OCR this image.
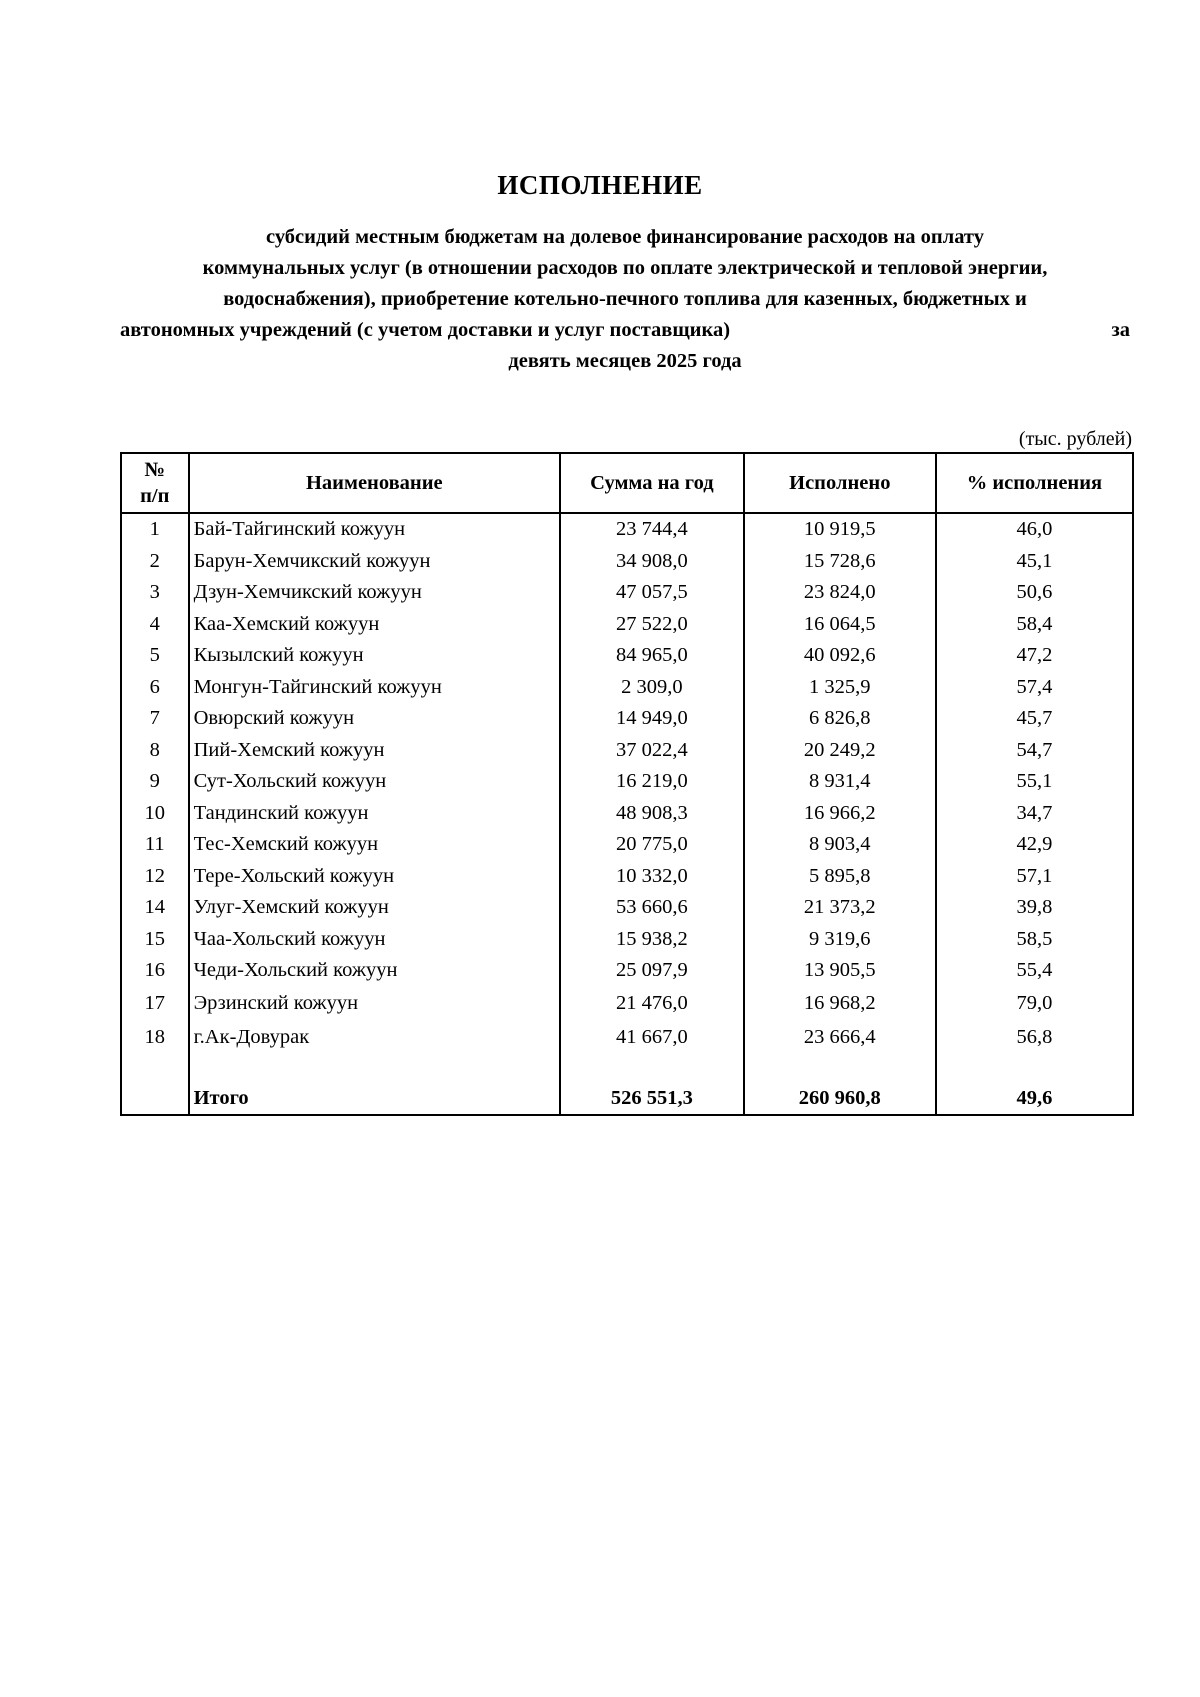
ИСПОЛНЕНИЕ
субсидий местным бюджетам на долевое финансирование расходов на оплату
коммунальных услуг (в отношении расходов по оплате электрической и тепловой энергии,
водоснабжения), приобретение котельно-печного топлива для казенных, бюджетных и
автономных учреждений (с учетом доставки и услуг поставщика)	за
девять месяцев 2025 года
(тыс. рублей)
№
п/п	Наименование	Сумма на год	Исполнено	% исполнения
1	Бай-Тайгинский кожуун	23 744,4	10 919,5	46,0
2	Барун-Хемчикский кожуун	34 908,0	15 728,6	45,1
3	Дзун-Хемчикский кожуун	47 057,5	23 824,0	50,6
4	Каа-Хемский кожуун	27 522,0	16 064,5	58,4
5	Кызылский кожуун	84 965,0	40 092,6	47,2
6	Монгун-Тайгинский кожуун	2 309,0	1 325,9	57,4
7	Овюрский кожуун	14 949,0	6 826,8	45,7
8	Пий-Хемский кожуун	37 022,4	20 249,2	54,7
9	Сут-Хольский кожуун	16 219,0	8 931,4	55,1
10	Тандинский кожуун	48 908,3	16 966,2	34,7
11	Тес-Хемский кожуун	20 775,0	8 903,4	42,9
12	Тере-Хольский кожуун	10 332,0	5 895,8	57,1
14	Улуг-Хемский кожуун	53 660,6	21 373,2	39,8
15	Чаа-Хольский кожуун	15 938,2	9 319,6	58,5
16	Чеди-Хольский кожуун	25 097,9	13 905,5	55,4
17	Эрзинский кожуун	21 476,0	16 968,2	79,0
18	г.Ак-Довурак	41 667,0	23 666,4	56,8

	Итого	526 551,3	260 960,8	49,6
